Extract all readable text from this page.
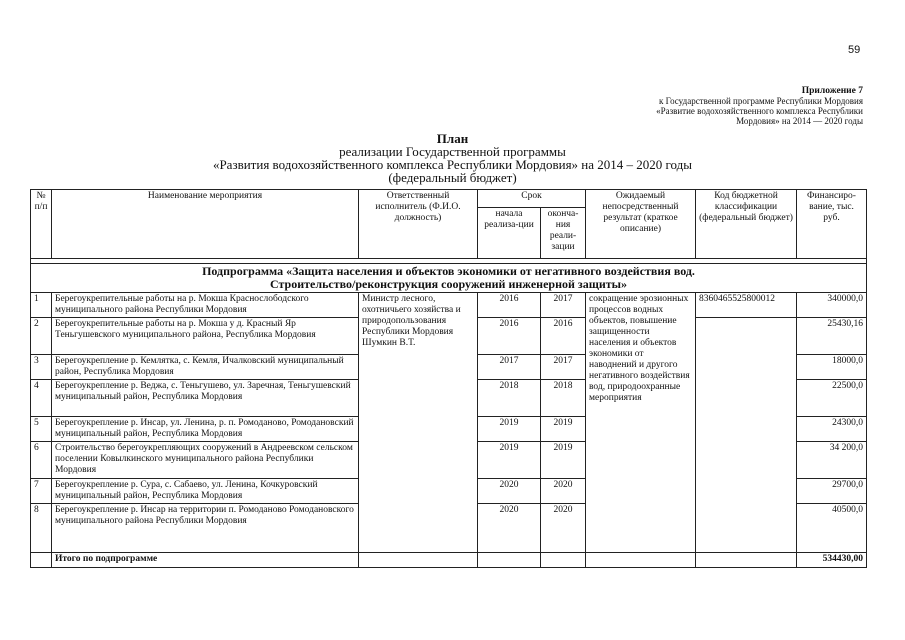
59
Приложение 7
к Государственной программе Республики Мордовия
«Развитие водохозяйственного комплекса Республики
Мордовия» на 2014 — 2020 годы
План
реализации Государственной программы
«Развития водохозяйственного комплекса Республики Мордовия» на 2014 – 2020 годы
(федеральный бюджет)
№ п/п	Наименование мероприятия	Ответственный исполнитель (Ф.И.О. должность)	Срок		Ожидаемый непосредственный результат (краткое описание)	Код бюджетной классификации (федеральный бюджет)	Финансиро-вание, тыс. руб.
			начала реализа-ции	оконча-ния реали-зации			

Подпрограмма «Защита населения и объектов экономики от негативного воздействия вод.
Строительство/реконструкция сооружений инженерной защиты»							

1	Берегоукрепительные работы на р. Мокша Краснослободского муниципального района Республики Мордовия	Министр лесного, охотничьего хозяйства и природопользования Республики Мордовия Шумкин В.Т.	2016	2017	сокращение эрозионных процессов водных объектов, повышение защищенности населения и объектов экономики от наводнений и другого негативного воздействия вод, природоохранные мероприятия	8360465525800012	340000,0
2	Берегоукрепительные работы на р. Мокша у д. Красный Яр Теньгушевского муниципального района, Республика Мордовия		2016	2016			25430,16
3	Берегоукрепление р. Кемлятка, с. Кемля, Ичалковский муниципальный район, Республика Мордовия		2017	2017			18000,0
4	Берегоукрепление р. Веджа, с. Теньгушево, ул. Заречная, Теньгушевский муниципальный район, Республика Мордовия		2018	2018			22500,0
5	Берегоукрепление р. Инсар, ул. Ленина, р. п. Ромоданово, Ромодановский муниципальный район, Республика Мордовия		2019	2019			24300,0
6	Строительство берегоукрепляющих сооружений в Андреевском сельском поселении Ковылкинского муниципального района Республики Мордовия		2019	2019			34 200,0
7	Берегоукрепление р. Сура, с. Сабаево, ул. Ленина, Кочкуровский муниципальный район, Республика Мордовия		2020	2020			29700,0
8	Берегоукрепление р. Инсар на территории п. Ромоданово Ромодановского муниципального района Республики Мордовия		2020	2020			40500,0
	Итого по подпрограмме						534430,00
